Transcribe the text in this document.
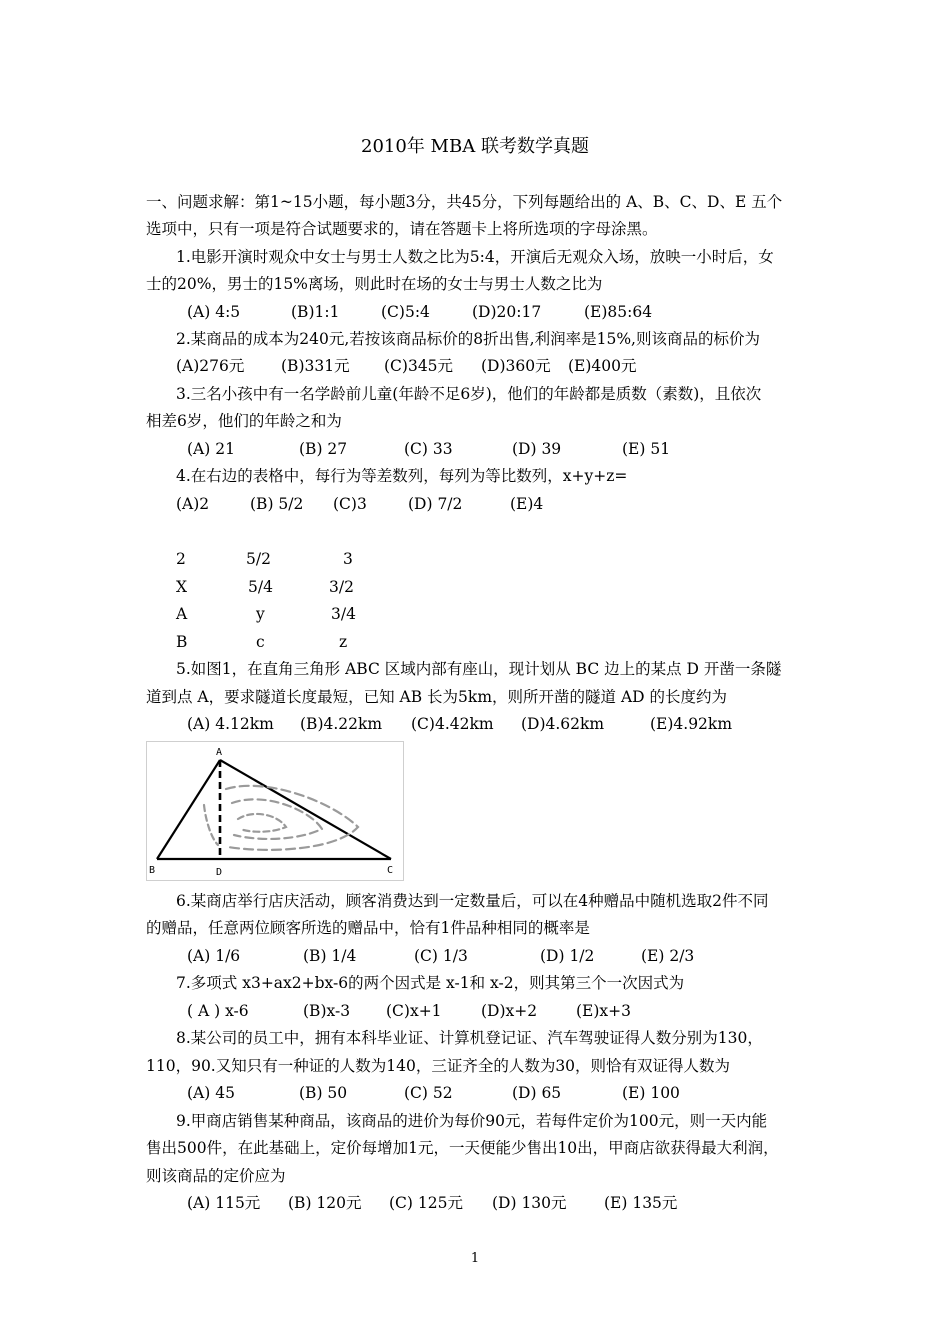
2010年 MBA 联考数学真题
一、问题求解：第1~15小题，每小题3分，共45分，下列每题给出的 A、B、C、D、E 五个
选项中，只有一项是符合试题要求的，请在答题卡上将所选项的字母涂黑。
1.电影开演时观众中女士与男士人数之比为5:4，开演后无观众入场，放映一小时后，女
士的20%，男士的15%离场，则此时在场的女士与男士人数之比为
(A) 4:5	(B)1:1	(C)5:4	(D)20:17	(E)85:64
2.某商品的成本为240元,若按该商品标价的8折出售,利润率是15%,则该商品的标价为
(A)276元 (B)331元 (C)345元 (D)360元 (E)400元
3.三名小孩中有一名学龄前儿童(年龄不足6岁)，他们的年龄都是质数（素数)，且依次
相差6岁，他们的年龄之和为
(A) 21	(B) 27	(C) 33	(D) 39	(E) 51
4.在右边的表格中，每行为等差数列，每列为等比数列，x+y+z=
(A)2	(B) 5/2 (C)3	(D) 7/2	(E)4
2	5/2	3
X	5/4	3/2
A	y	3/4
B	c	z
5.如图1，在直角三角形 ABC 区域内部有座山，现计划从 BC 边上的某点 D 开凿一条隧
道到点 A，要求隧道长度最短，已知 AB 长为5km，则所开凿的隧道 AD 的长度约为
(A) 4.12km (B)4.22km (C)4.42km (D)4.62km	(E)4.92km
A
B	D	C
6.某商店举行店庆活动，顾客消费达到一定数量后，可以在4种赠品中随机选取2件不同
的赠品，任意两位顾客所选的赠品中，恰有1件品种相同的概率是
(A) 1/6	(B) 1/4	(C) 1/3	(D) 1/2	(E) 2/3
7.多项式 x3+ax2+bx-6的两个因式是 x-1和 x-2，则其第三个一次因式为
( A ) x-6	(B)x-3 (C)x+1	(D)x+2	(E)x+3
8.某公司的员工中，拥有本科毕业证、计算机登记证、汽车驾驶证得人数分别为130，
110，90.又知只有一种证的人数为140，三证齐全的人数为30，则恰有双证得人数为
(A) 45	(B) 50	(C) 52	(D) 65	(E) 100
9.甲商店销售某种商品，该商品的进价为每价90元，若每件定价为100元，则一天内能
售出500件，在此基础上，定价每增加1元，一天便能少售出10出，甲商店欲获得最大利润，
则该商品的定价应为
(A) 115元 (B) 120元 (C) 125元 (D) 130元 (E) 135元
1
